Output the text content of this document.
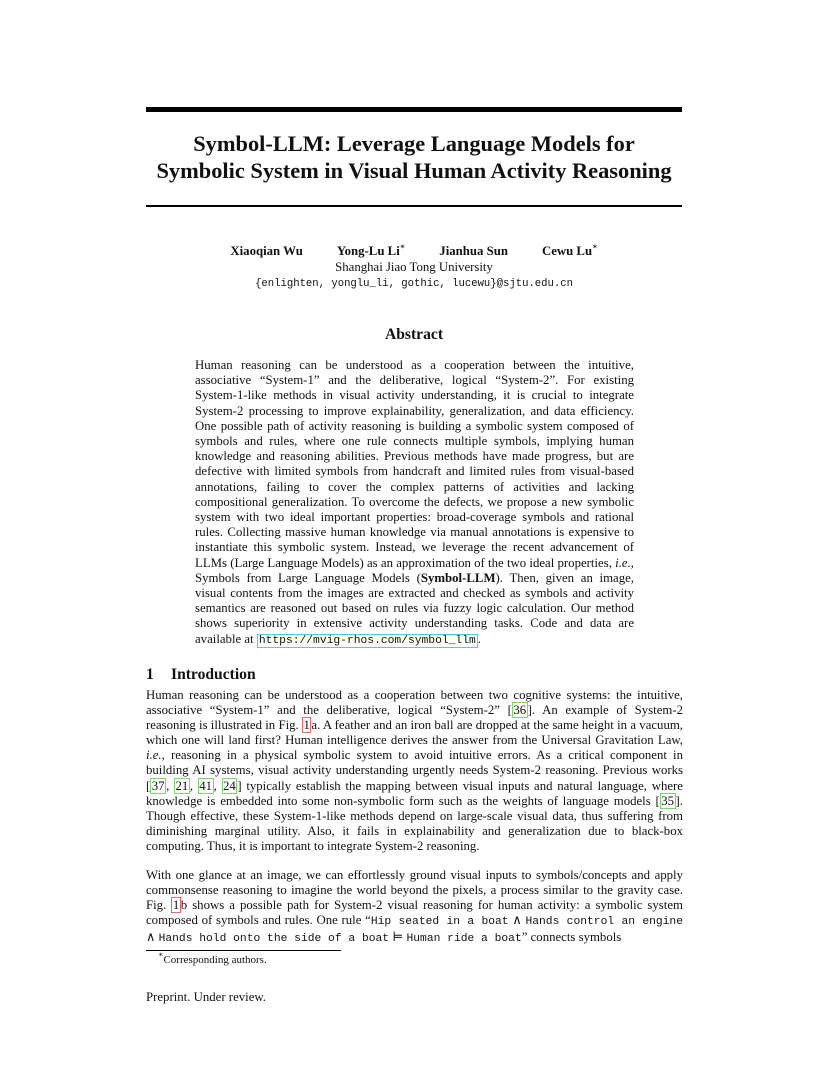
Symbol-LLM: Leverage Language Models for
Symbolic System in Visual Human Activity Reasoning
Xiaoqian Wu	Yong-Lu Li∗	Jianhua Sun	Cewu Lu∗
Shanghai Jiao Tong University
{enlighten, yonglu_li, gothic, lucewu}@sjtu.edu.cn
Abstract
Human reasoning can be understood as a cooperation between the intuitive, associative “System-1” and the deliberative, logical “System-2”. For existing System-1-like methods in visual activity understanding, it is crucial to integrate System-2 processing to improve explainability, generalization, and data efficiency. One possible path of activity reasoning is building a symbolic system composed of symbols and rules, where one rule connects multiple symbols, implying human knowledge and reasoning abilities. Previous methods have made progress, but are defective with limited symbols from handcraft and limited rules from visual-based annotations, failing to cover the complex patterns of activities and lacking compositional generalization. To overcome the defects, we propose a new symbolic system with two ideal important properties: broad-coverage symbols and rational rules. Collecting massive human knowledge via manual annotations is expensive to instantiate this symbolic system. Instead, we leverage the recent advancement of LLMs (Large Language Models) as an approximation of the two ideal properties, i.e., Symbols from Large Language Models (Symbol-LLM). Then, given an image, visual contents from the images are extracted and checked as symbols and activity semantics are reasoned out based on rules via fuzzy logic calculation. Our method shows superiority in extensive activity understanding tasks. Code and data are available at https://mvig-rhos.com/symbol_llm .
1 Introduction
Human reasoning can be understood as a cooperation between two cognitive systems: the intuitive, associative “System-1” and the deliberative, logical “System-2” [ 36 ]. An example of System-2 reasoning is illustrated in Fig. 1 a. A feather and an iron ball are dropped at the same height in a vacuum, which one will land first? Human intelligence derives the answer from the Universal Gravitation Law, i.e., reasoning in a physical symbolic system to avoid intuitive errors. As a critical component in building AI systems, visual activity understanding urgently needs System-2 reasoning. Previous works [ 37 , 21 , 41 , 24 ] typically establish the mapping between visual inputs and natural language, where knowledge is embedded into some non-symbolic form such as the weights of language models [ 35 ]. Though effective, these System-1-like methods depend on large-scale visual data, thus suffering from diminishing marginal utility. Also, it fails in explainability and generalization due to black-box computing. Thus, it is important to integrate System-2 reasoning.
With one glance at an image, we can effortlessly ground visual inputs to symbols/concepts and apply commonsense reasoning to imagine the world beyond the pixels, a process similar to the gravity case. Fig. 1 b shows a possible path for System-2 visual reasoning for human activity: a symbolic system composed of symbols and rules. One rule “Hip seated in a boat ∧ Hands control an engine ∧ Hands hold onto the side of a boat ⊨ Human ride a boat” connects symbols
∗Corresponding authors.
Preprint. Under review.
